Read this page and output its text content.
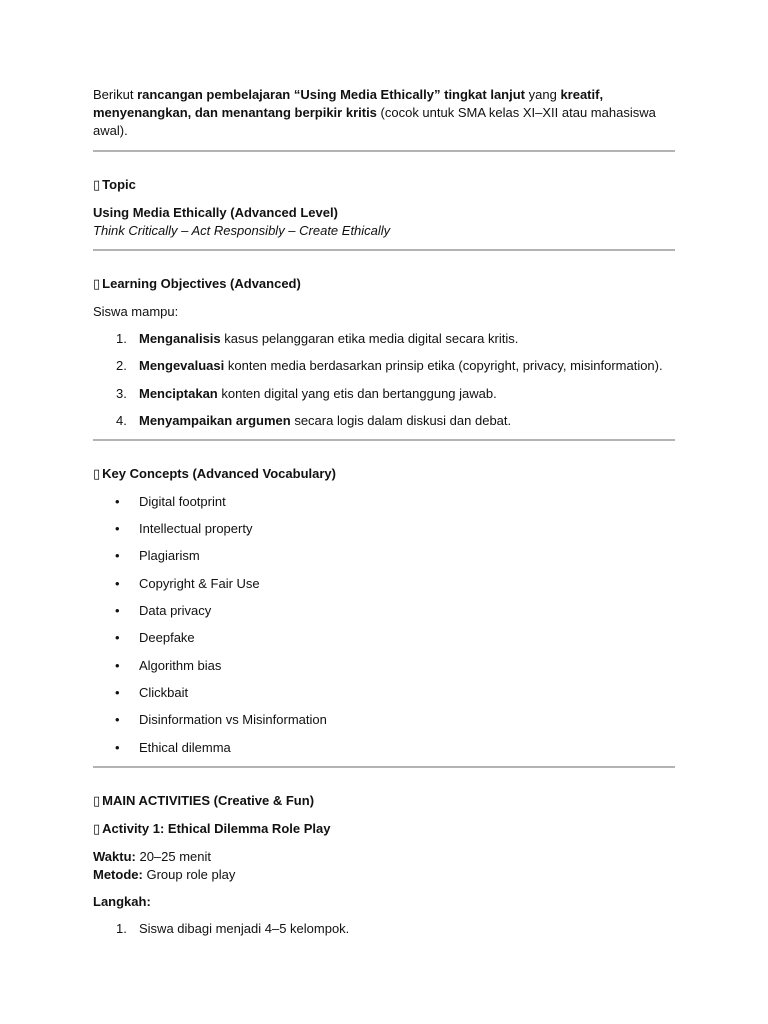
Berikut rancangan pembelajaran “Using Media Ethically” tingkat lanjut yang kreatif, menyenangkan, dan menantang berpikir kritis (cocok untuk SMA kelas XI–XII atau mahasiswa awal).

▯ Topic

Using Media Ethically (Advanced Level)

Think Critically – Act Responsibly – Create Ethically

▯ Learning Objectives (Advanced)

Siswa mampu:

1. Menganalisis kasus pelanggaran etika media digital secara kritis.
2. Mengevaluasi konten media berdasarkan prinsip etika (copyright, privacy, misinformation).
3. Menciptakan konten digital yang etis dan bertanggung jawab.
4. Menyampaikan argumen secara logis dalam diskusi dan debat.

▯ Key Concepts (Advanced Vocabulary)

• Digital footprint
• Intellectual property
• Plagiarism
• Copyright & Fair Use
• Data privacy
• Deepfake
• Algorithm bias
• Clickbait
• Disinformation vs Misinformation
• Ethical dilemma

▯ MAIN ACTIVITIES (Creative & Fun)

▯ Activity 1: Ethical Dilemma Role Play

Waktu: 20–25 menit

Metode: Group role play

Langkah:

1. Siswa dibagi menjadi 4–5 kelompok.
